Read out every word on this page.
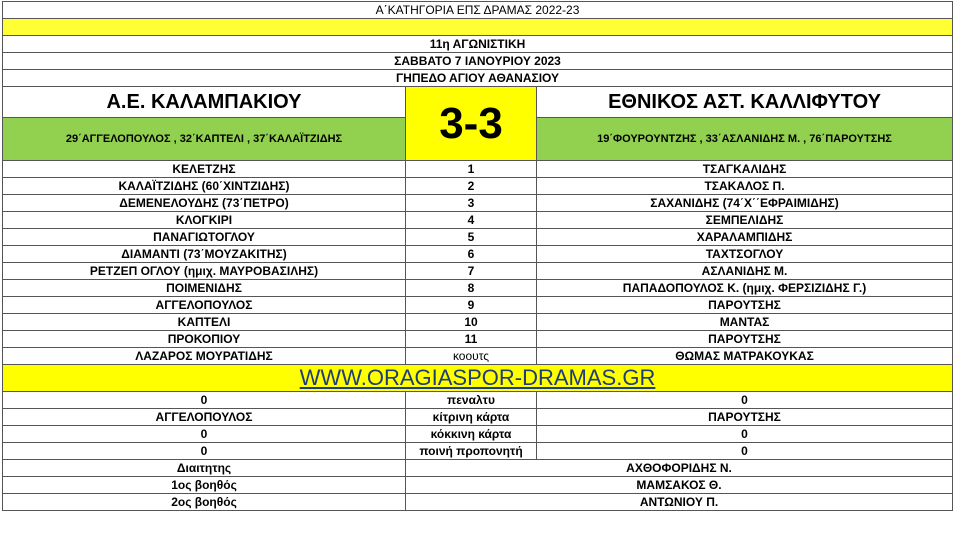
Α΄ΚΑΤΗΓΟΡΙΑ ΕΠΣ ΔΡΑΜΑΣ 2022-23		

11η ΑΓΩΝΙΣΤΙΚΗ		
ΣΑΒΒΑΤΟ 7 ΙΑΝΟΥΡΙΟΥ 2023		
ΓΗΠΕΔΟ ΑΓΙΟΥ ΑΘΑΝΑΣΙΟΥ		
Α.Ε. ΚΑΛΑΜΠΑΚΙΟΥ	3-3	ΕΘΝΙΚΟΣ ΑΣΤ. ΚΑΛΛΙΦΥΤΟΥ
29΄ΑΓΓΕΛΟΠΟΥΛΟΣ , 32΄ΚΑΠΤΕΛΙ , 37΄ΚΑΛΑΪΤΖΙΔΗΣ		19΄ΦΟΥΡΟΥΝΤΖΗΣ , 33΄ΑΣΛΑΝΙΔΗΣ Μ. , 76΄ΠΑΡΟΥΤΣΗΣ
ΚΕΛΕΤΖΗΣ	1	ΤΣΑΓΚΑΛΙΔΗΣ
ΚΑΛΑΪΤΖΙΔΗΣ (60΄ΧΙΝΤΖΙΔΗΣ)	2	ΤΣΑΚΑΛΟΣ Π.
ΔΕΜΕΝΕΛΟΥΔΗΣ (73΄ΠΕΤΡΟ)	3	ΣΑΧΑΝΙΔΗΣ (74΄Χ΄΄ΕΦΡΑΙΜΙΔΗΣ)
ΚΛΟΓΚΙΡΙ	4	ΣΕΜΠΕΛΙΔΗΣ
ΠΑΝΑΓΙΩΤΟΓΛΟΥ	5	ΧΑΡΑΛΑΜΠΙΔΗΣ
ΔΙΑΜΑΝΤΙ (73΄ΜΟΥΖΑΚΙΤΗΣ)	6	ΤΑΧΤΣΟΓΛΟΥ
ΡΕΤΖΕΠ ΟΓΛΟΥ (ημιχ. ΜΑΥΡΟΒΑΣΙΛΗΣ)	7	ΑΣΛΑΝΙΔΗΣ Μ.
ΠΟΙΜΕΝΙΔΗΣ	8	ΠΑΠΑΔΟΠΟΥΛΟΣ Κ. (ημιχ. ΦΕΡΣΙΖΙΔΗΣ Γ.)
ΑΓΓΕΛΟΠΟΥΛΟΣ	9	ΠΑΡΟΥΤΣΗΣ
ΚΑΠΤΕΛΙ	10	ΜΑΝΤΑΣ
ΠΡΟΚΟΠΙΟΥ	11	ΠΑΡΟΥΤΣΗΣ
ΛΑΖΑΡΟΣ ΜΟΥΡΑΤΙΔΗΣ	κοουτς	ΘΩΜΑΣ ΜΑΤΡΑΚΟΥΚΑΣ
WWW.ORAGIASPOR-DRAMAS.GR		
0	πεναλτυ	0
ΑΓΓΕΛΟΠΟΥΛΟΣ	κίτρινη κάρτα	ΠΑΡΟΥΤΣΗΣ
0	κόκκινη κάρτα	0
0	ποινή προπονητή	0
Διαιτητης	ΑΧΘΟΦΟΡΙΔΗΣ Ν.	
1ος βοηθός	ΜΑΜΣΑΚΟΣ Θ.	
2ος βοηθός	ΑΝΤΩΝΙΟΥ Π.	
